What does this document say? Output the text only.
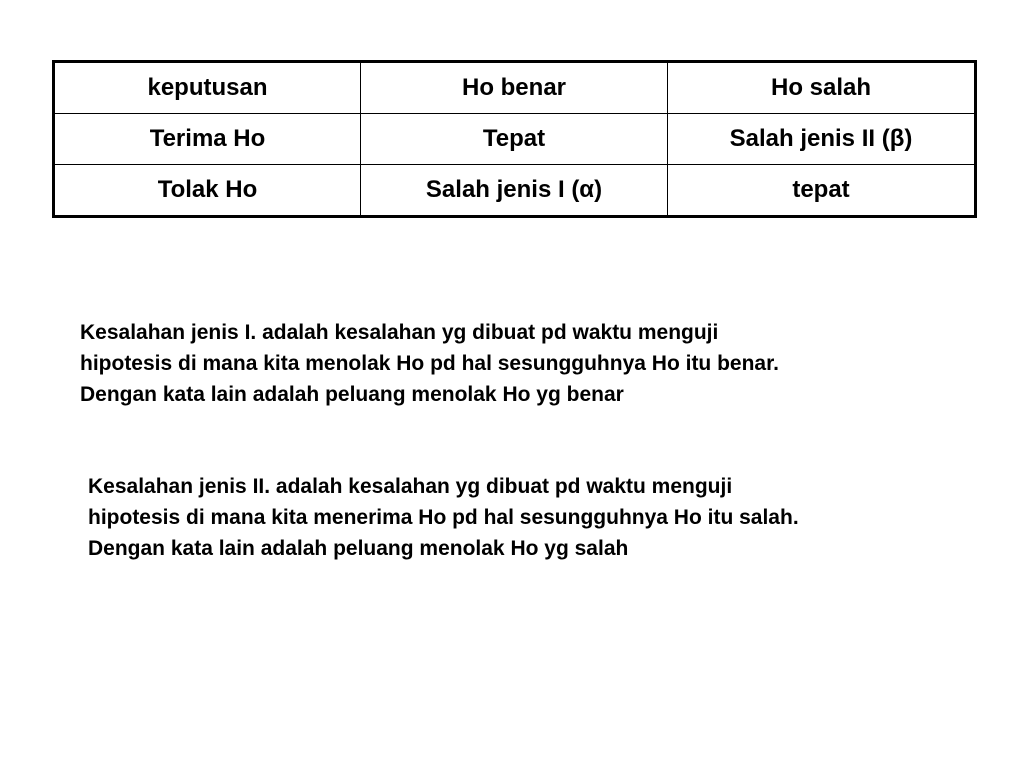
keputusan	Ho benar	Ho salah
Terima Ho	Tepat	Salah jenis II (β)
Tolak Ho	Salah jenis I (α)	tepat

Kesalahan jenis I. adalah kesalahan yg dibuat pd waktu menguji
hipotesis di mana kita menolak Ho pd hal sesungguhnya Ho itu benar.
Dengan kata lain adalah peluang menolak Ho yg benar

Kesalahan jenis II. adalah kesalahan yg dibuat pd waktu menguji
hipotesis di mana kita menerima Ho pd hal sesungguhnya Ho itu salah.
Dengan kata lain adalah peluang menolak Ho yg salah
